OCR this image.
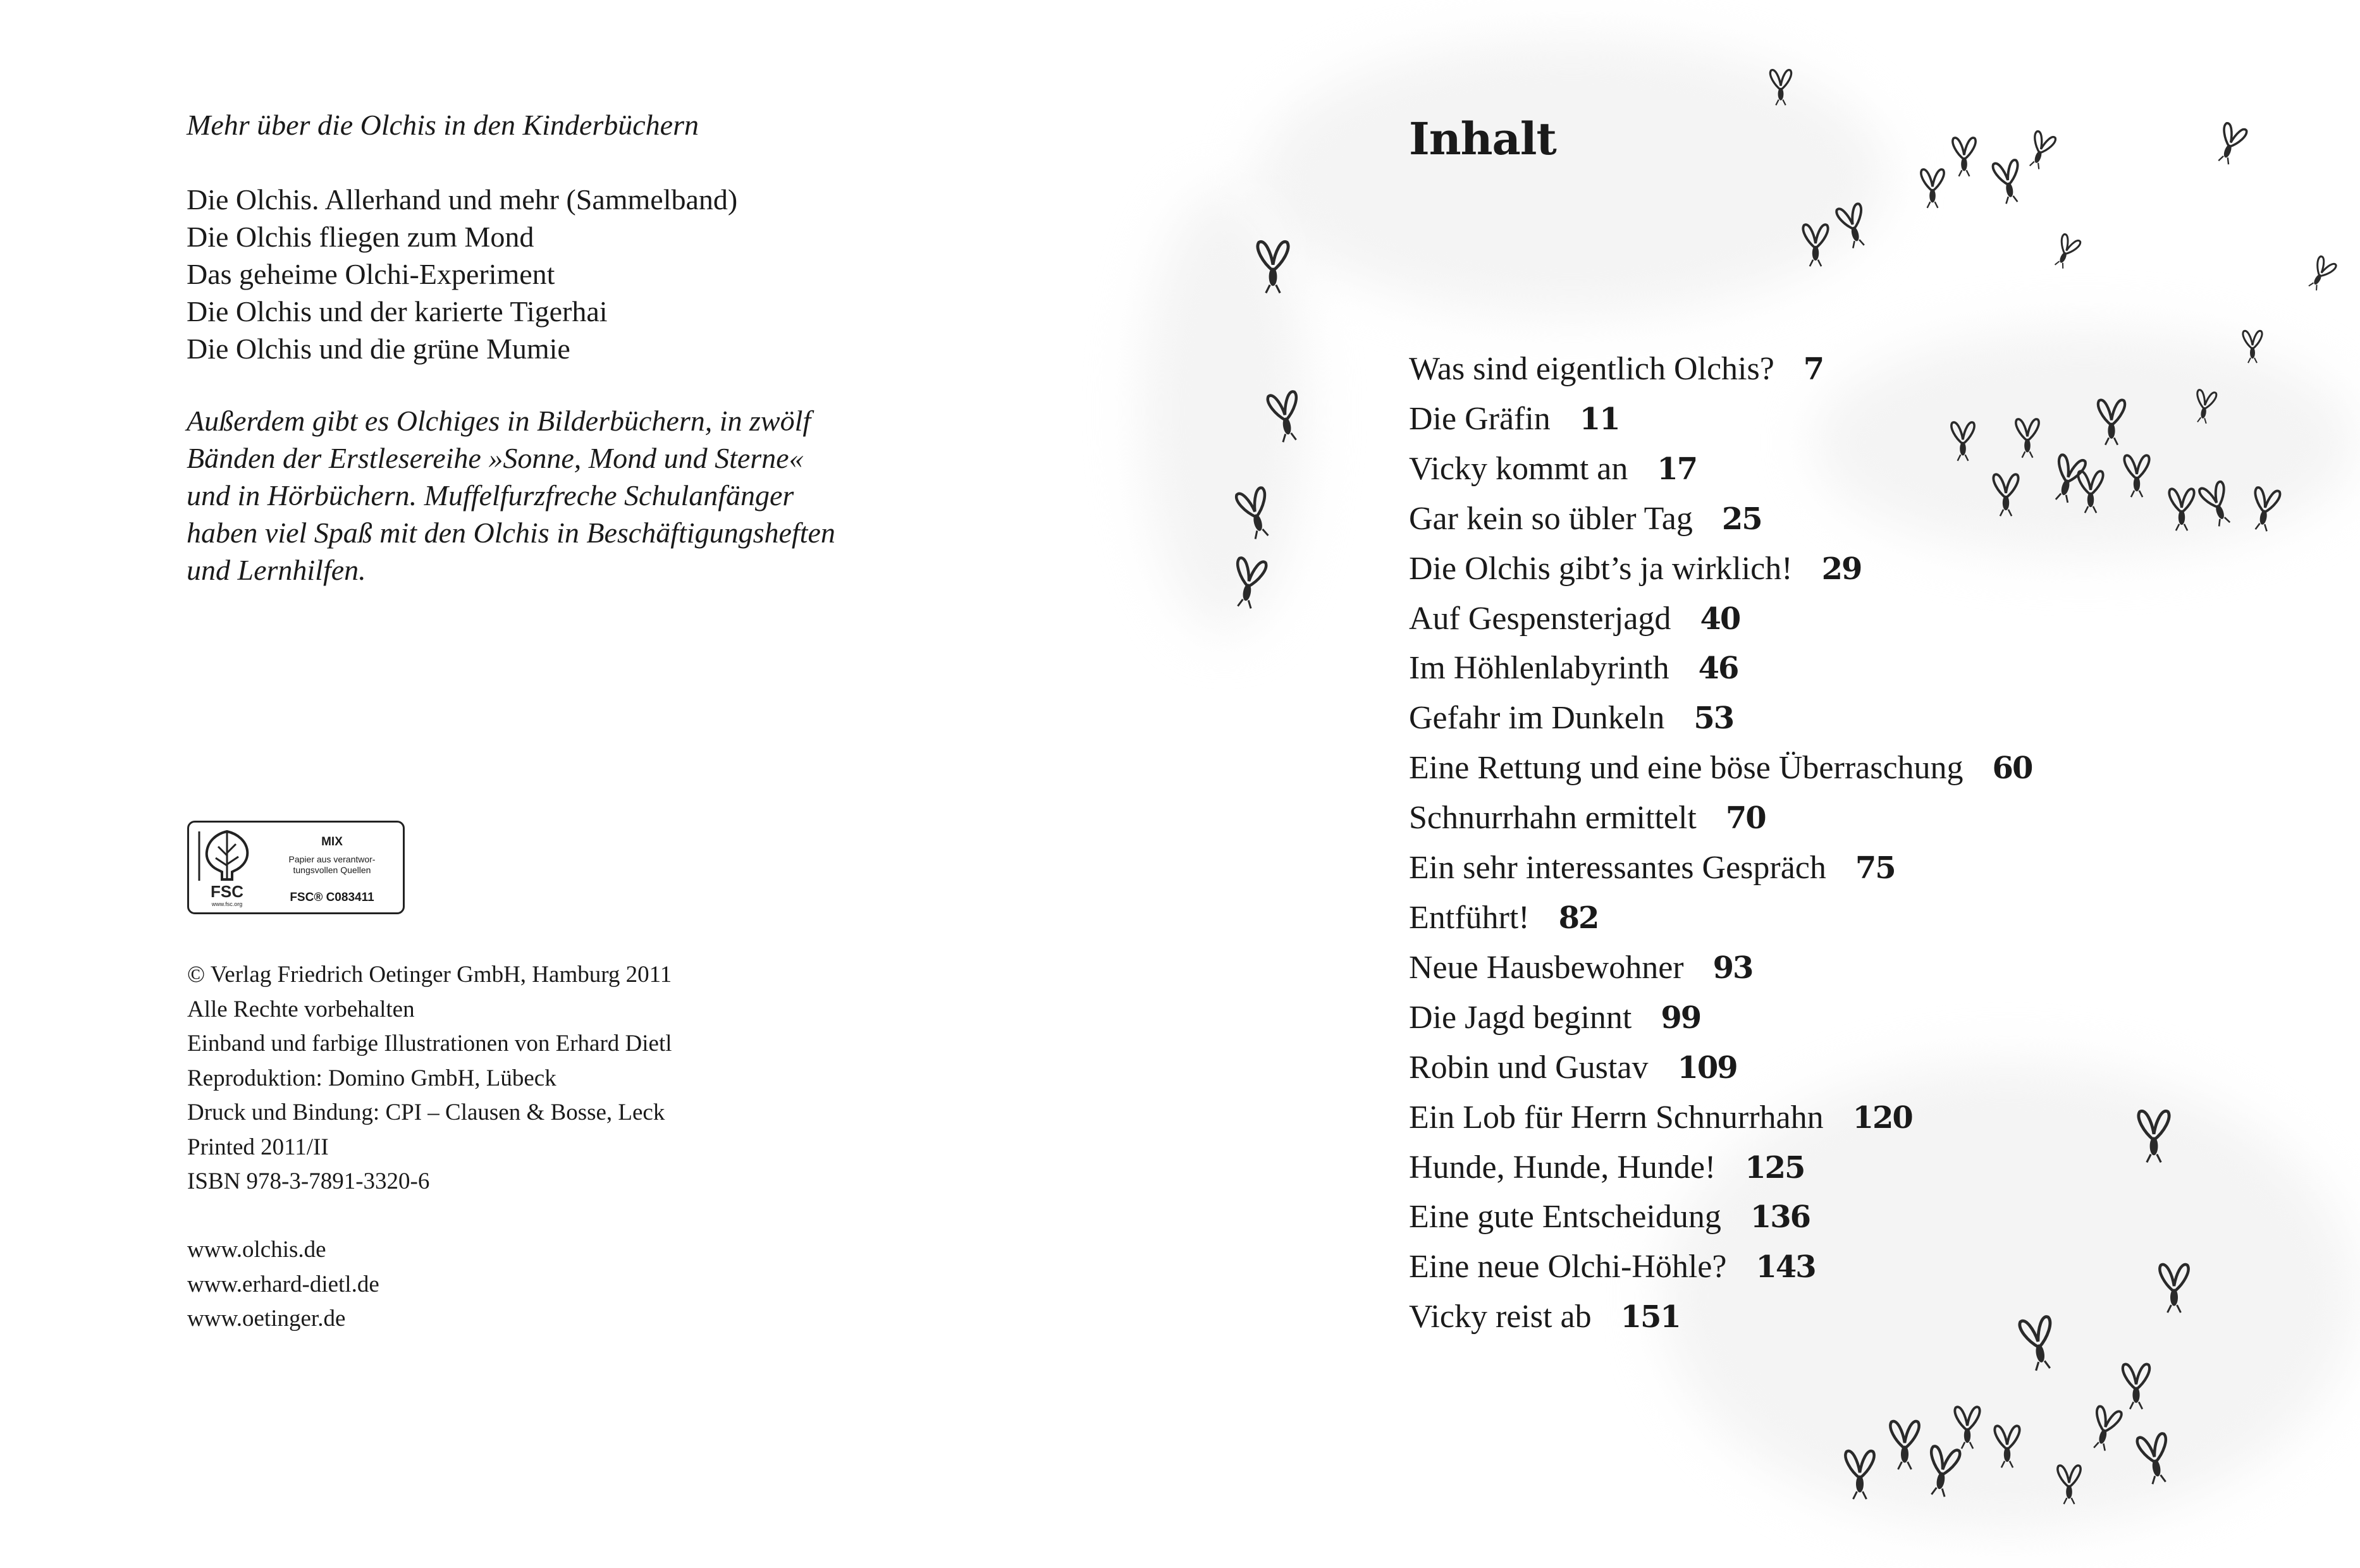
Mehr über die Olchis in den Kinderbüchern
Die Olchis. Allerhand und mehr (Sammelband)
Die Olchis fliegen zum Mond
Das geheime Olchi-Experiment
Die Olchis und der karierte Tigerhai
Die Olchis und die grüne Mumie
Außerdem gibt es Olchiges in Bilderbüchern, in zwölf
Bänden der Erstlesereihe »Sonne, Mond und Sterne«
und in Hörbüchern. Muffelfurzfreche Schulanfänger
haben viel Spaß mit den Olchis in Beschäftigungsheften
und Lernhilfen.
FSC
www.fsc.org
MIX
Papier aus verantwor-
tungsvollen Quellen
FSC® C083411
© Verlag Friedrich Oetinger GmbH, Hamburg 2011
Alle Rechte vorbehalten
Einband und farbige Illustrationen von Erhard Dietl
Reproduktion: Domino GmbH, Lübeck
Druck und Bindung: CPI – Clausen & Bosse, Leck
Printed 2011/II
ISBN 978-3-7891-3320-6
www.olchis.de
www.erhard-dietl.de
www.oetinger.de
Inhalt
Was sind eigentlich Olchis? 7
Die Gräfin 11
Vicky kommt an 17
Gar kein so übler Tag 25
Die Olchis gibt’s ja wirklich! 29
Auf Gespensterjagd 40
Im Höhlenlabyrinth 46
Gefahr im Dunkeln 53
Eine Rettung und eine böse Überraschung 60
Schnurrhahn ermittelt 70
Ein sehr interessantes Gespräch 75
Entführt! 82
Neue Hausbewohner 93
Die Jagd beginnt 99
Robin und Gustav 109
Ein Lob für Herrn Schnurrhahn 120
Hunde, Hunde, Hunde! 125
Eine gute Entscheidung 136
Eine neue Olchi-Höhle? 143
Vicky reist ab 151
